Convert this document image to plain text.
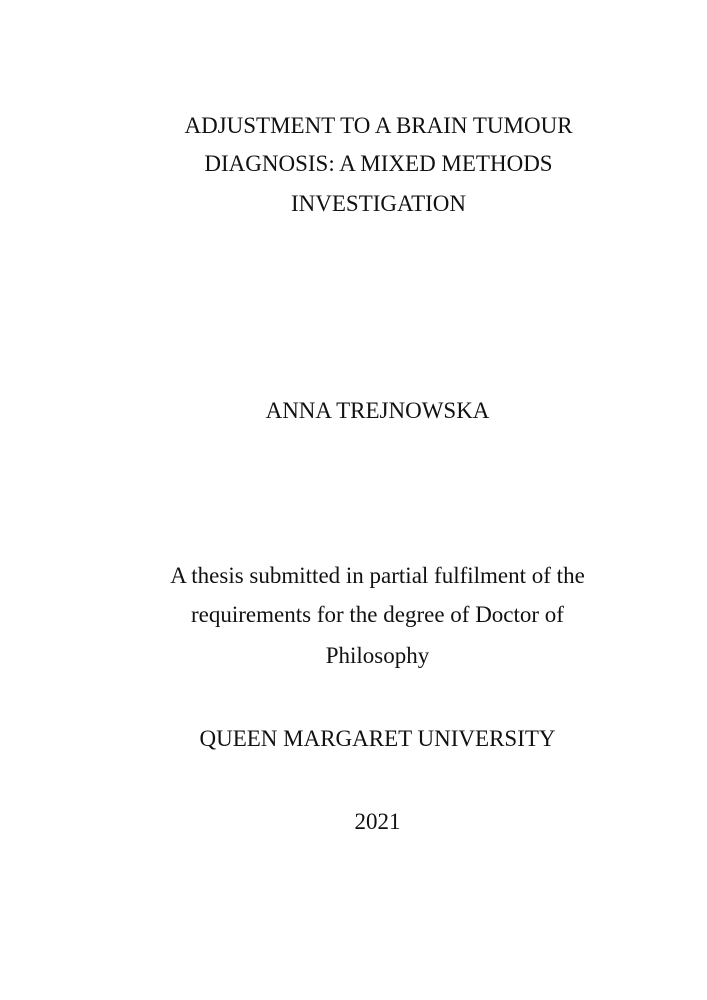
ADJUSTMENT TO A BRAIN TUMOUR
DIAGNOSIS: A MIXED METHODS
INVESTIGATION
ANNA TREJNOWSKA
A thesis submitted in partial fulfilment of the
requirements for the degree of Doctor of
Philosophy
QUEEN MARGARET UNIVERSITY
2021
